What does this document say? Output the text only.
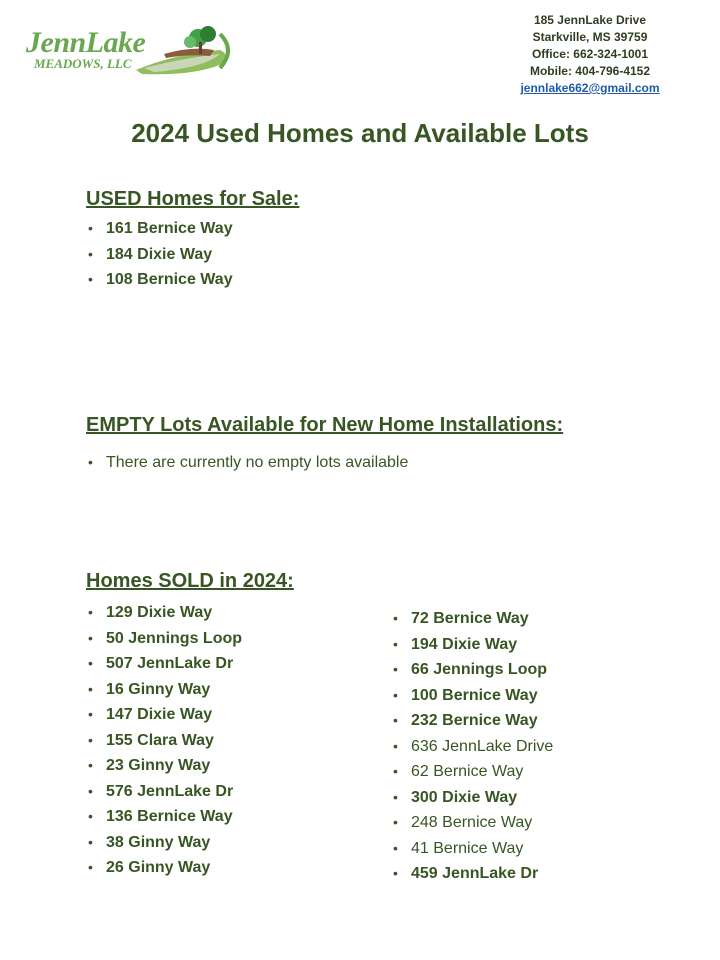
JennLake
MEADOWS, LLC
185 JennLake Drive
Starkville, MS 39759
Office: 662-324-1001
Mobile: 404-796-4152
jennlake662@gmail.com
2024 Used Homes and Available Lots
USED Homes for Sale:
• 161 Bernice Way
• 184 Dixie Way
• 108 Bernice Way
EMPTY Lots Available for New Home Installations:
• There are currently no empty lots available
Homes SOLD in 2024:
• 129 Dixie Way
• 50 Jennings Loop
• 507 JennLake Dr
• 16 Ginny Way
• 147 Dixie Way
• 155 Clara Way
• 23 Ginny Way
• 576 JennLake Dr
• 136 Bernice Way
• 38 Ginny Way
• 26 Ginny Way
• 72 Bernice Way
• 194 Dixie Way
• 66 Jennings Loop
• 100 Bernice Way
• 232 Bernice Way
• 636 JennLake Drive
• 62 Bernice Way
• 300 Dixie Way
• 248 Bernice Way
• 41 Bernice Way
• 459 JennLake Dr
